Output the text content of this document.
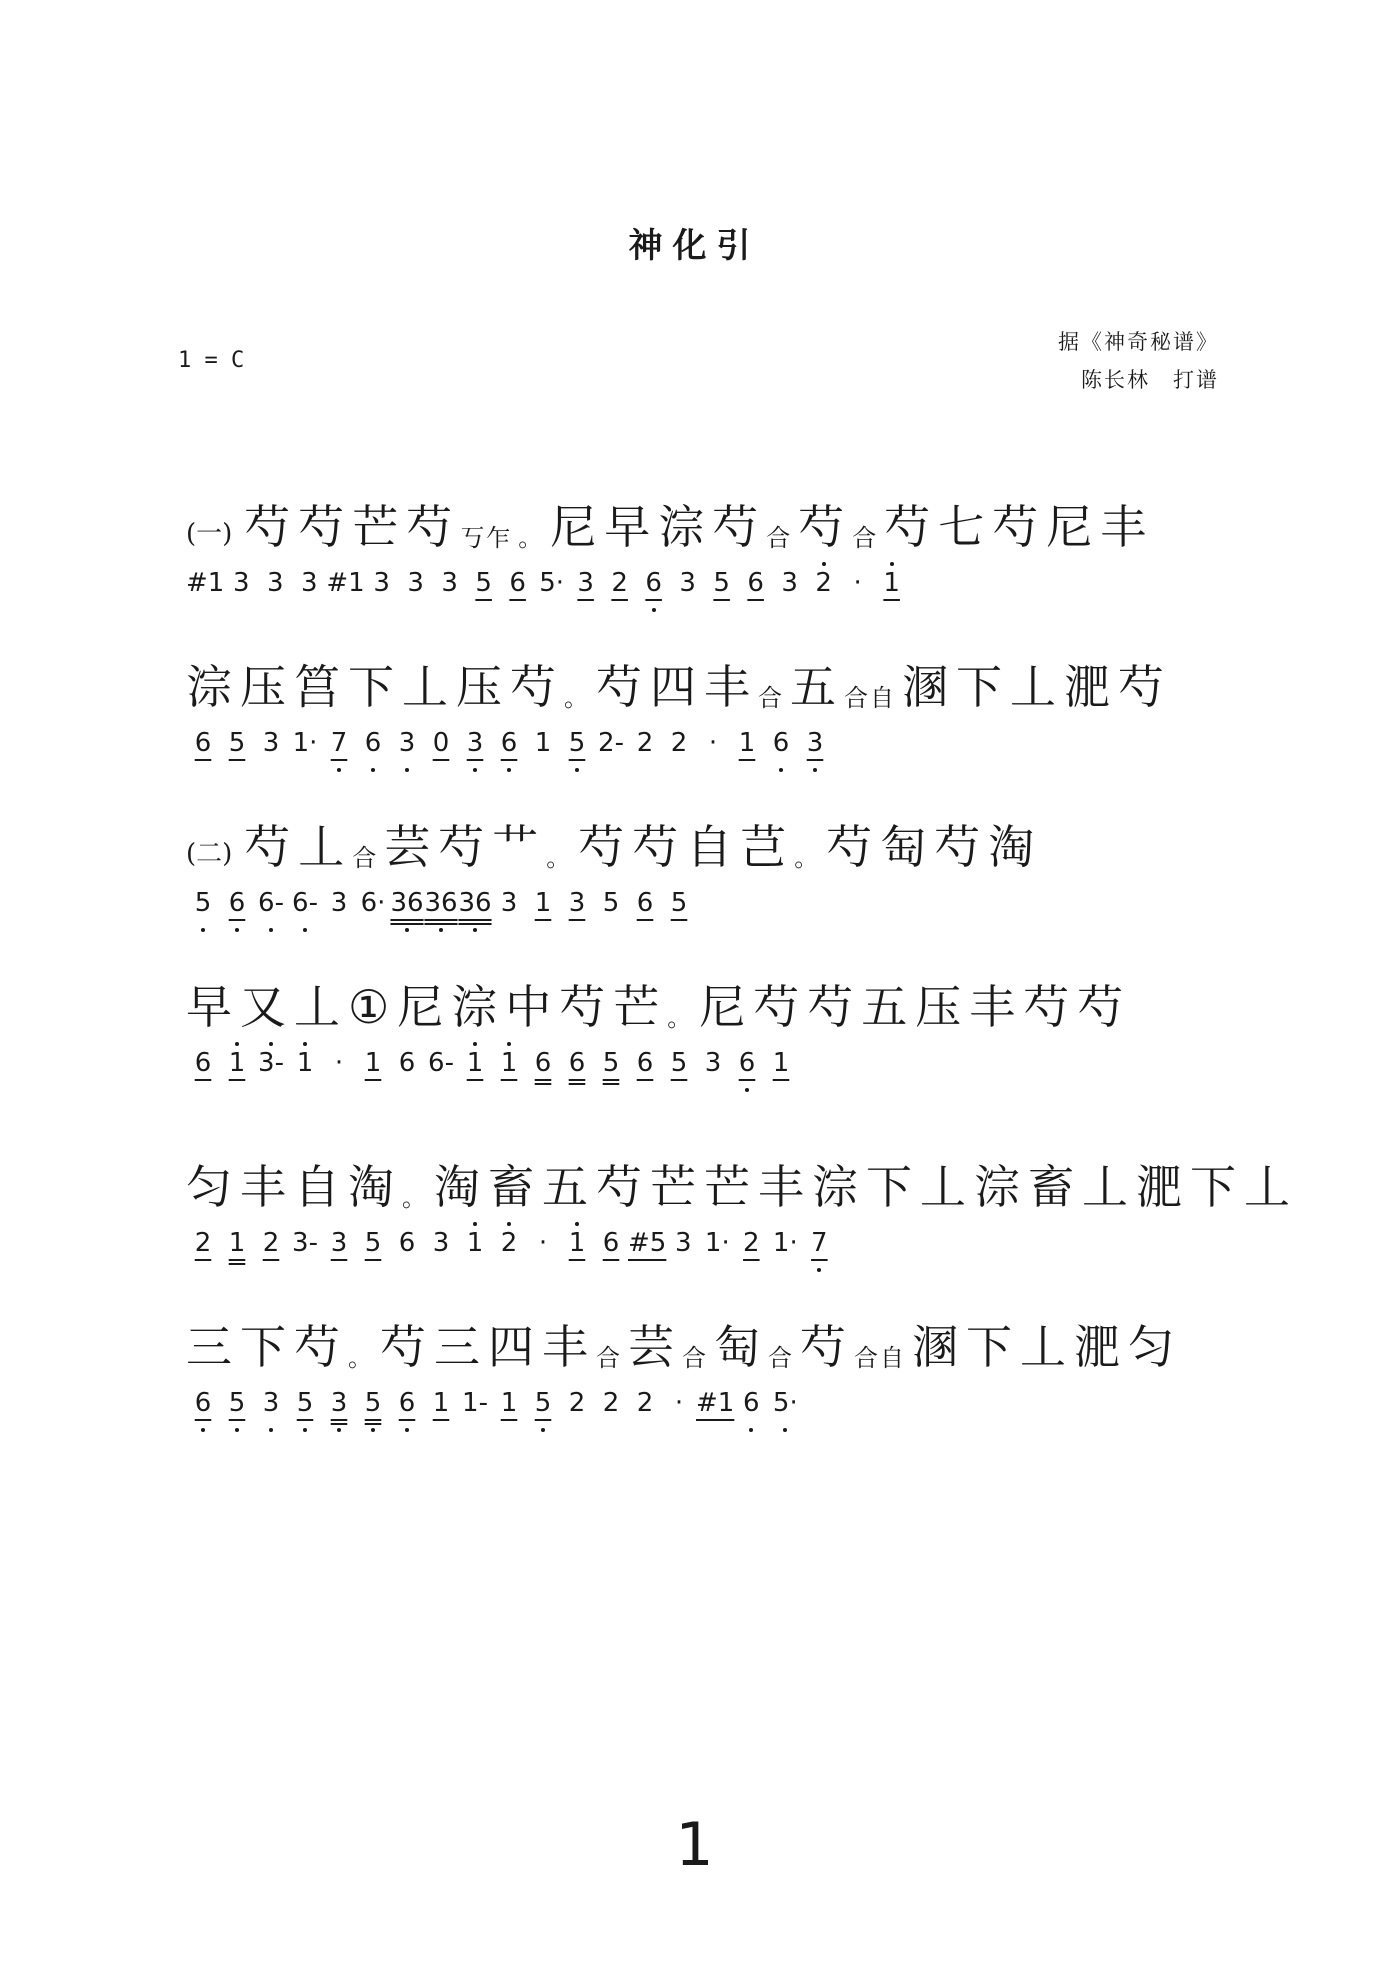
神化引
1 = C
据《神奇秘谱》
陈长林　打谱
(一) 芍 芍 芒 芍 丂乍 。 尼 早 淙 芍 合 芍 合 芍 七 芍 尼 丰
#1 3 3 3 #1 3 3 3 5 6 5· 3 2 6 3 5 6 3 2 · 1
淙 压 筥 下 丄 压 芍 。 芍 四 丰 合 五 合自 溷 下 丄 淝 芍
6 5 3 1· 7 6 3 0 3 6 1 5 2- 2 2 · 1 6 3
(二) 芍 丄 合 芸 芍 艹 。 芍 芍 自 芑 。 芍 匋 芍 淘
5 6 6- 6- 3 6· 36 36 36 3 1 3 5 6 5
早 又 丄 ① 尼 淙 中 芍 芒 。 尼 芍 芍 五 压 丰 芍 芍
6 1 3- 1 · 1 6 6- 1 1 6 6 5 6 5 3 6 1
匀 丰 自 淘 。 淘 畜 五 芍 芒 芒 丰 淙 下 丄 淙 畜 丄 淝 下 丄
2 1 2 3- 3 5 6 3 1 2 · 1 6 #5 3 1· 2 1· 7
三 下 芍 。 芍 三 四 丰 合 芸 合 匋 合 芍 合自 溷 下 丄 淝 匀
6 5 3 5 3 5 6 1 1- 1 5 2 2 2 · #1 6 5·
1
